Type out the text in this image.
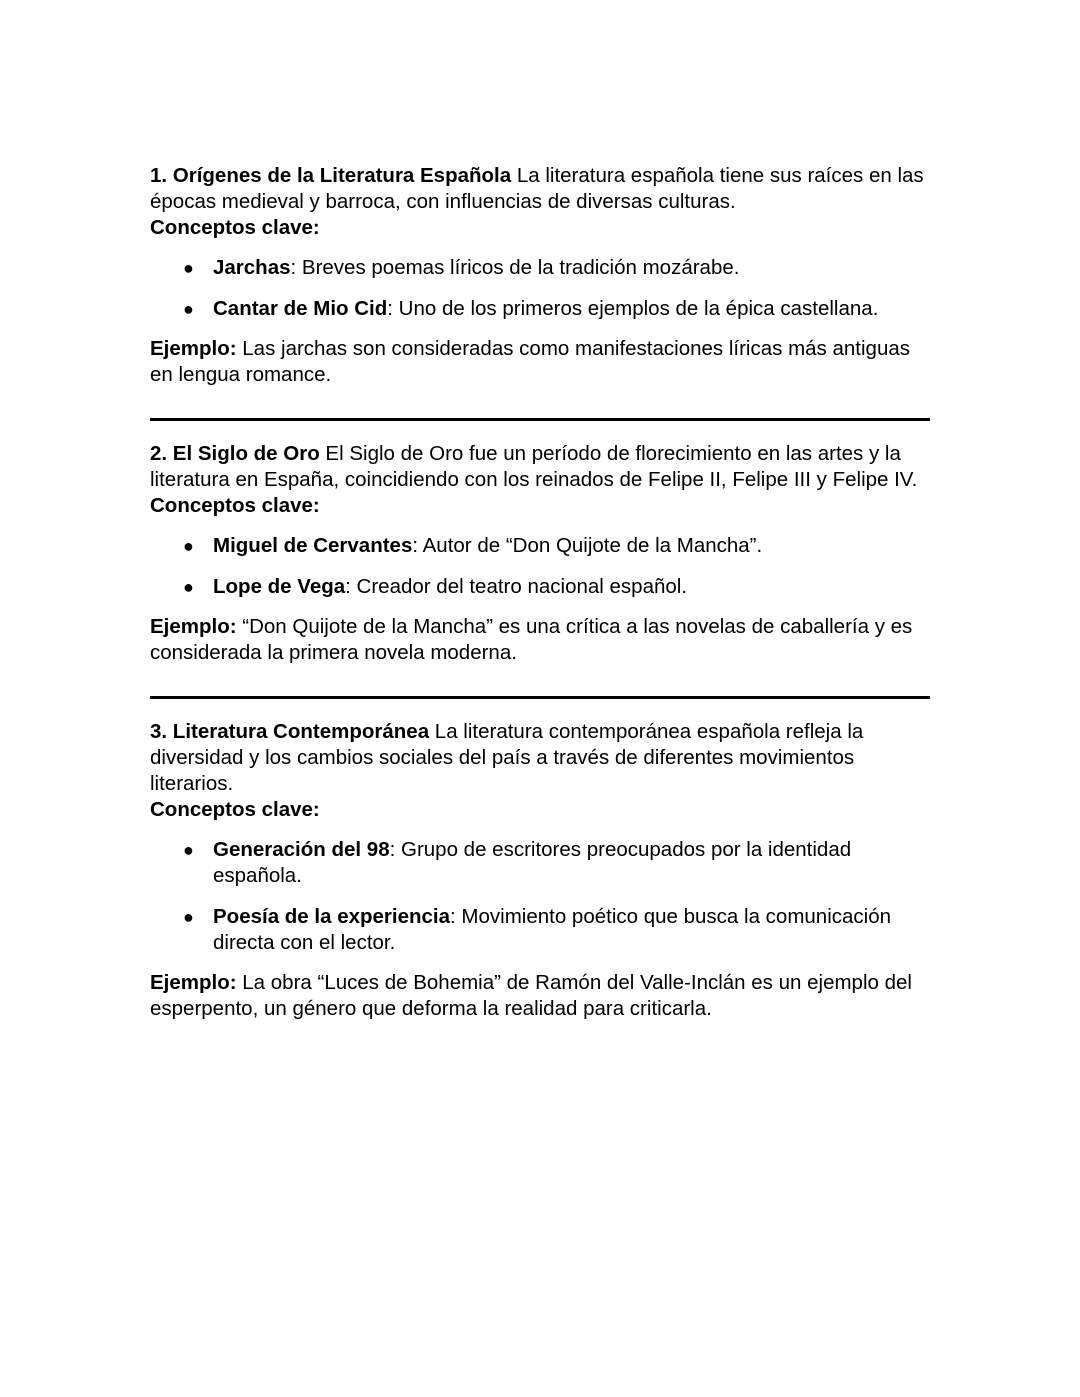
1. Orígenes de la Literatura Española La literatura española tiene sus raíces en las épocas medieval y barroca, con influencias de diversas culturas.

Conceptos clave:

● Jarchas: Breves poemas líricos de la tradición mozárabe.
● Cantar de Mio Cid: Uno de los primeros ejemplos de la épica castellana.

Ejemplo: Las jarchas son consideradas como manifestaciones líricas más antiguas en lengua romance.

2. El Siglo de Oro El Siglo de Oro fue un período de florecimiento en las artes y la literatura en España, coincidiendo con los reinados de Felipe II, Felipe III y Felipe IV.

Conceptos clave:

● Miguel de Cervantes: Autor de “Don Quijote de la Mancha”.
● Lope de Vega: Creador del teatro nacional español.

Ejemplo: “Don Quijote de la Mancha” es una crítica a las novelas de caballería y es considerada la primera novela moderna.

3. Literatura Contemporánea La literatura contemporánea española refleja la diversidad y los cambios sociales del país a través de diferentes movimientos literarios.

Conceptos clave:

● Generación del 98: Grupo de escritores preocupados por la identidad española.
● Poesía de la experiencia: Movimiento poético que busca la comunicación directa con el lector.

Ejemplo: La obra “Luces de Bohemia” de Ramón del Valle-Inclán es un ejemplo del esperpento, un género que deforma la realidad para criticarla.
